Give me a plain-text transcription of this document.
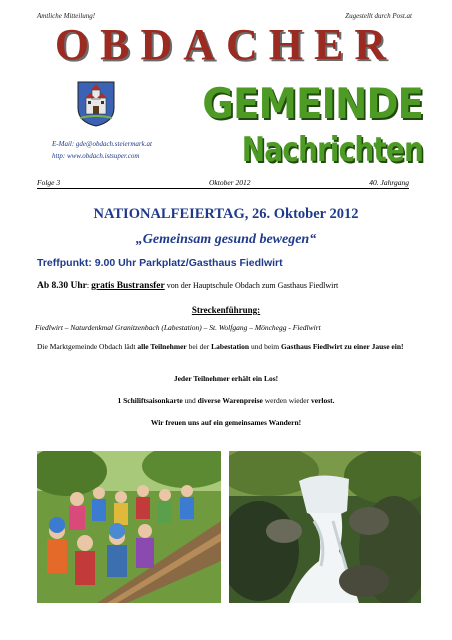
Amtliche Mitteilung!	Zugestellt durch Post.at
OBDACHER
GEMEINDE
Nachrichten
E-Mail: gde@obdach.steiermark.at
http: www.obdach.istsuper.com
Folge 3	Oktober 2012	40. Jahrgang
NATIONALFEIERTAG, 26. Oktober 2012
„Gemeinsam gesund bewegen“
Treffpunkt: 9.00 Uhr Parkplatz/Gasthaus Fiedlwirt
Ab 8.30 Uhr: gratis Bustransfer von der Hauptschule Obdach zum Gasthaus Fiedlwirt
Streckenführung:
Fiedlwirt – Naturdenkmal Granitzenbach (Labestation) – St. Wolfgang – Mönchegg - Fiedlwirt
Die Marktgemeinde Obdach lädt alle Teilnehmer bei der Labestation und beim Gasthaus Fiedlwirt zu einer Jause ein!
Jeder Teilnehmer erhält ein Los!
1 Schiliftsaisonkarte und diverse Warenpreise werden wieder verlost.
Wir freuen uns auf ein gemeinsames Wandern!
